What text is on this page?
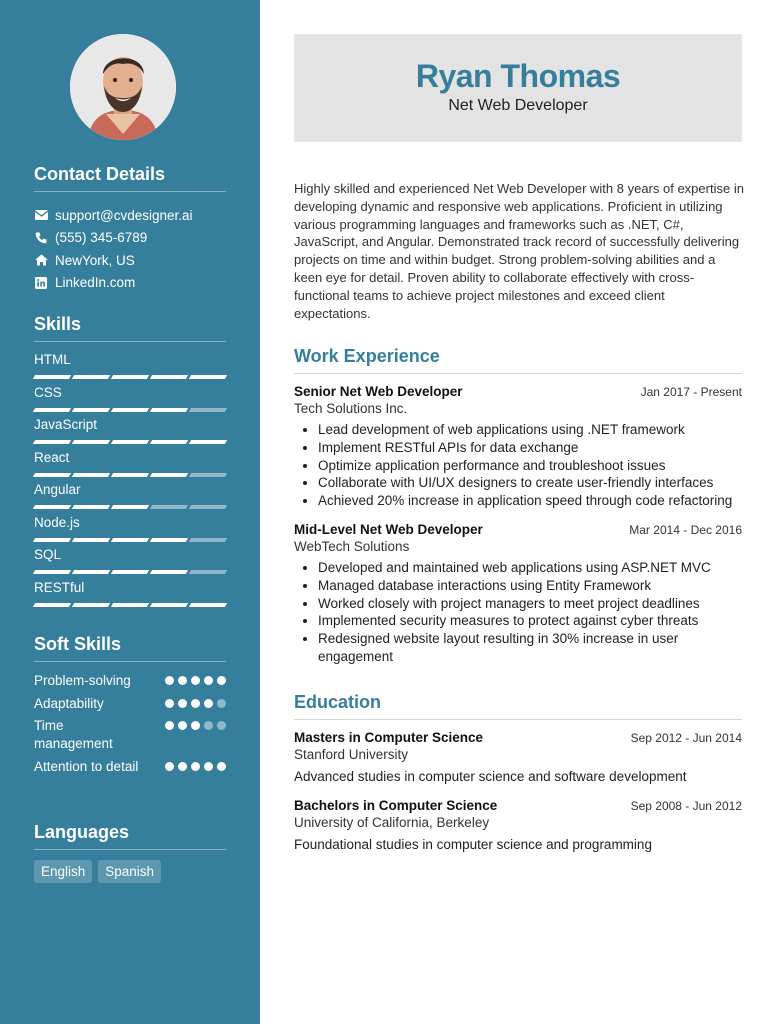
Contact Details
support@cvdesigner.ai
(555) 345-6789
NewYork, US
LinkedIn.com
Skills
HTML
CSS
JavaScript
React
Angular
Node.js
SQL
RESTful
Soft Skills
Problem-solving
Adaptability
Time management
Attention to detail
Languages
English	Spanish
Ryan Thomas
Net Web Developer
Highly skilled and experienced Net Web Developer with 8 years of expertise in developing dynamic and responsive web applications. Proficient in utilizing various programming languages and frameworks such as .NET, C#, JavaScript, and Angular. Demonstrated track record of successfully delivering projects on time and within budget. Strong problem-solving abilities and a keen eye for detail. Proven ability to collaborate effectively with cross-functional teams to achieve project milestones and exceed client expectations.
Work Experience
Senior Net Web Developer	Jan 2017 - Present
Tech Solutions Inc.
• Lead development of web applications using .NET framework
• Implement RESTful APIs for data exchange
• Optimize application performance and troubleshoot issues
• Collaborate with UI/UX designers to create user-friendly interfaces
• Achieved 20% increase in application speed through code refactoring
Mid-Level Net Web Developer	Mar 2014 - Dec 2016
WebTech Solutions
• Developed and maintained web applications using ASP.NET MVC
• Managed database interactions using Entity Framework
• Worked closely with project managers to meet project deadlines
• Implemented security measures to protect against cyber threats
• Redesigned website layout resulting in 30% increase in user engagement
Education
Masters in Computer Science	Sep 2012 - Jun 2014
Stanford University
Advanced studies in computer science and software development
Bachelors in Computer Science	Sep 2008 - Jun 2012
University of California, Berkeley
Foundational studies in computer science and programming
